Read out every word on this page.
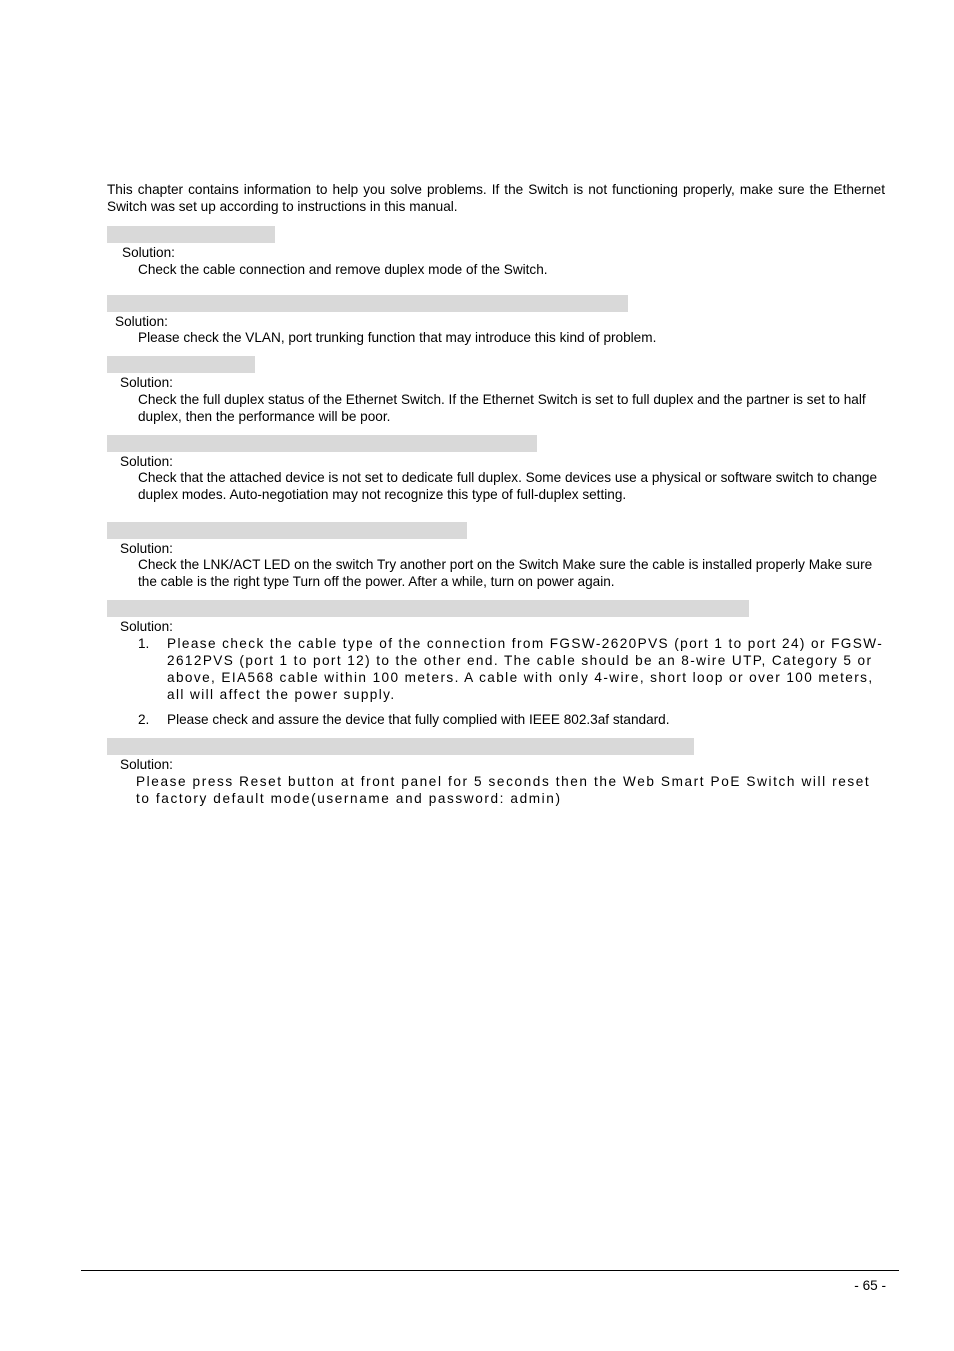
This chapter contains information to help you solve problems. If the Switch is not functioning properly, make sure the Ethernet Switch was set up according to instructions in this manual.
Solution:
Check the cable connection and remove duplex mode of the Switch.
Solution:
Please check the VLAN, port trunking function that may introduce this kind of problem.
Solution:
Check the full duplex status of the Ethernet Switch. If the Ethernet Switch is set to full duplex and the partner is set to half duplex, then the performance will be poor.
Solution:
Check that the attached device is not set to dedicate full duplex. Some devices use a physical or software switch to change duplex modes. Auto-negotiation may not recognize this type of full-duplex setting.
Solution:
Check the LNK/ACT LED on the switch Try another port on the Switch Make sure the cable is installed properly Make sure the cable is the right type Turn off the power. After a while, turn on power again.
Solution:
1. Please check the cable type of the connection from FGSW-2620PVS (port 1 to port 24) or FGSW-2612PVS (port 1 to port 12) to the other end. The cable should be an 8-wire UTP, Category 5 or above, EIA568 cable within 100 meters. A cable with only 4-wire, short loop or over 100 meters, all will affect the power supply.
2. Please check and assure the device that fully complied with IEEE 802.3af standard.
Solution:
Please press Reset button at front panel for 5 seconds then the Web Smart PoE Switch will reset to factory default mode(username and password: admin)
- 65 -
